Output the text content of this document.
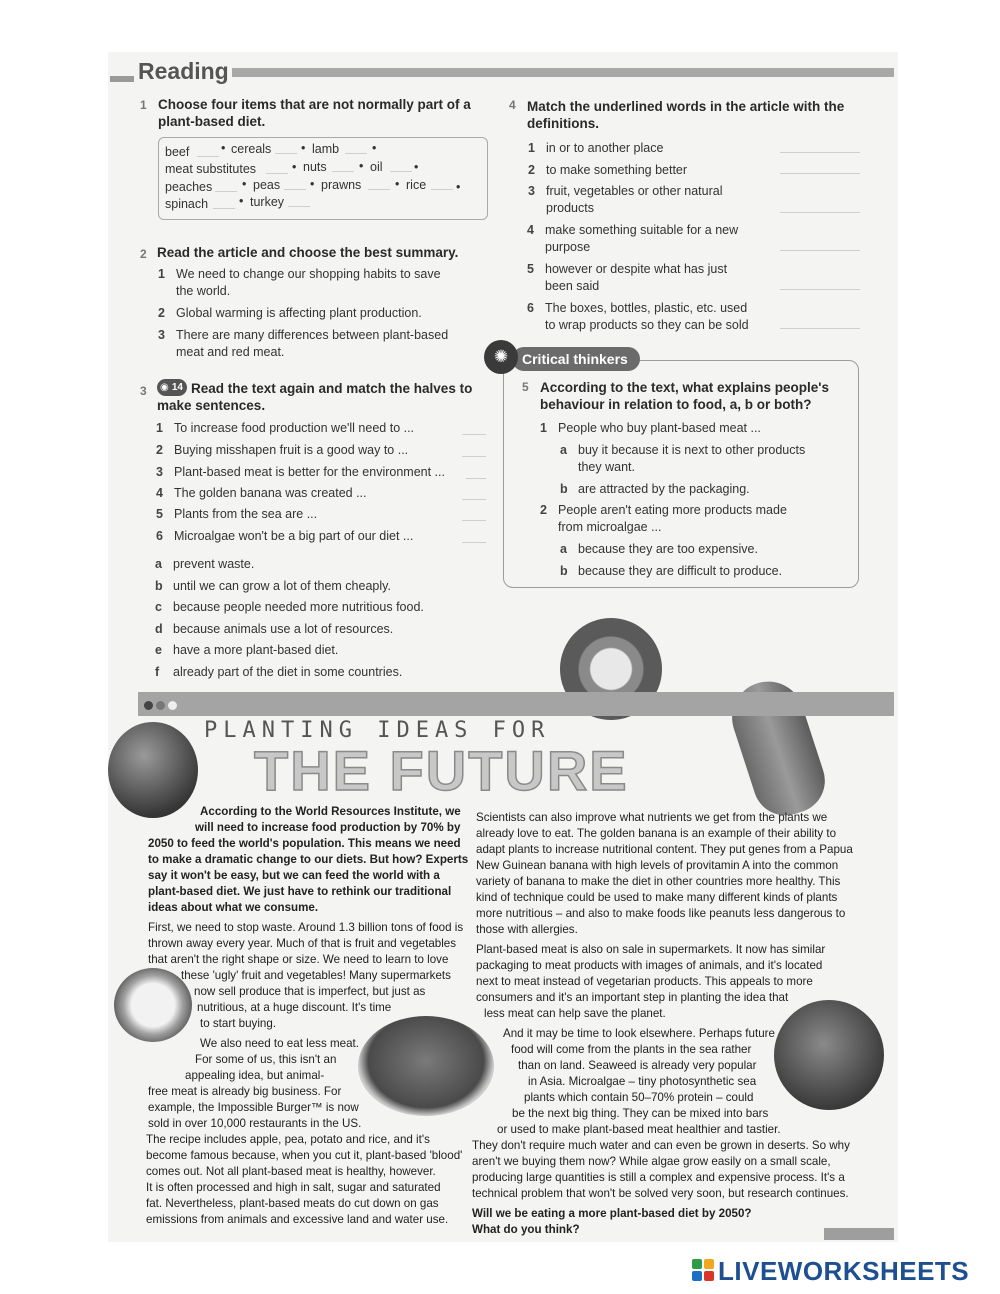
Reading
1 Choose four items that are not normally part of a
plant-based diet.
beef	• cereals • lamb	•
meat substitutes	• nuts	• oil	•
peaches • peas • prawns	• rice •
spinach • turkey
2 Read the article and choose the best summary.
1 We need to change our shopping habits to save
the world.
2 Global warming is affecting plant production.
3 There are many differences between plant-based
meat and red meat.
3 ◉ 14 Read the text again and match the halves to
make sentences.
1 To increase food production we'll need to ...
2 Buying misshapen fruit is a good way to ...
3 Plant-based meat is better for the environment ...
4 The golden banana was created ...
5 Plants from the sea are ...
6 Microalgae won't be a big part of our diet ...
a prevent waste.
b until we can grow a lot of them cheaply.
c because people needed more nutritious food.
d because animals use a lot of resources.
e have a more plant-based diet.
f already part of the diet in some countries.
4 Match the underlined words in the article with the
definitions.
1 in or to another place
2 to make something better
3 fruit, vegetables or other natural
products
4 make something suitable for a new
purpose
5 however or despite what has just
been said
6 The boxes, bottles, plastic, etc. used
to wrap products so they can be sold
Critical thinkers
✺
5 According to the text, what explains people's
behaviour in relation to food, a, b or both?
1 People who buy plant-based meat ...
a buy it because it is next to other products
they want.
b are attracted by the packaging.
2 People aren't eating more products made
from microalgae ...
a because they are too expensive.
b because they are difficult to produce.
PLANTING IDEAS FOR
THE FUTURE
According to the World Resources Institute, we
will need to increase food production by 70% by
2050 to feed the world's population. This means we need
to make a dramatic change to our diets. But how? Experts
say it won't be easy, but we can feed the world with a
plant-based diet. We just have to rethink our traditional
ideas about what we consume.
First, we need to stop waste. Around 1.3 billion tons of food is
thrown away every year. Much of that is fruit and vegetables
that aren't the right shape or size. We need to learn to love
these 'ugly' fruit and vegetables! Many supermarkets
now sell produce that is imperfect, but just as
nutritious, at a huge discount. It's time
to start buying.
We also need to eat less meat.
For some of us, this isn't an
appealing idea, but animal-
free meat is already big business. For
example, the Impossible Burger™ is now
sold in over 10,000 restaurants in the US.
The recipe includes apple, pea, potato and rice, and it's
become famous because, when you cut it, plant-based 'blood'
comes out. Not all plant-based meat is healthy, however.
It is often processed and high in salt, sugar and saturated
fat. Nevertheless, plant-based meats do cut down on gas
emissions from animals and excessive land and water use.
Scientists can also improve what nutrients we get from the plants we
already love to eat. The golden banana is an example of their ability to
adapt plants to increase nutritional content. They put genes from a Papua
New Guinean banana with high levels of provitamin A into the common
variety of banana to make the diet in other countries more healthy. This
kind of technique could be used to make many different kinds of plants
more nutritious – and also to make foods like peanuts less dangerous to
those with allergies.
Plant-based meat is also on sale in supermarkets. It now has similar
packaging to meat products with images of animals, and it's located
next to meat instead of vegetarian products. This appeals to more
consumers and it's an important step in planting the idea that
less meat can help save the planet.
And it may be time to look elsewhere. Perhaps future
food will come from the plants in the sea rather
than on land. Seaweed is already very popular
in Asia. Microalgae – tiny photosynthetic sea
plants which contain 50–70% protein – could
be the next big thing. They can be mixed into bars
or used to make plant-based meat healthier and tastier.
They don't require much water and can even be grown in deserts. So why
aren't we buying them now? While algae grow easily on a small scale,
producing large quantities is still a complex and expensive process. It's a
technical problem that won't be solved very soon, but research continues.
Will we be eating a more plant-based diet by 2050?
What do you think?
LIVEWORKSHEETS
